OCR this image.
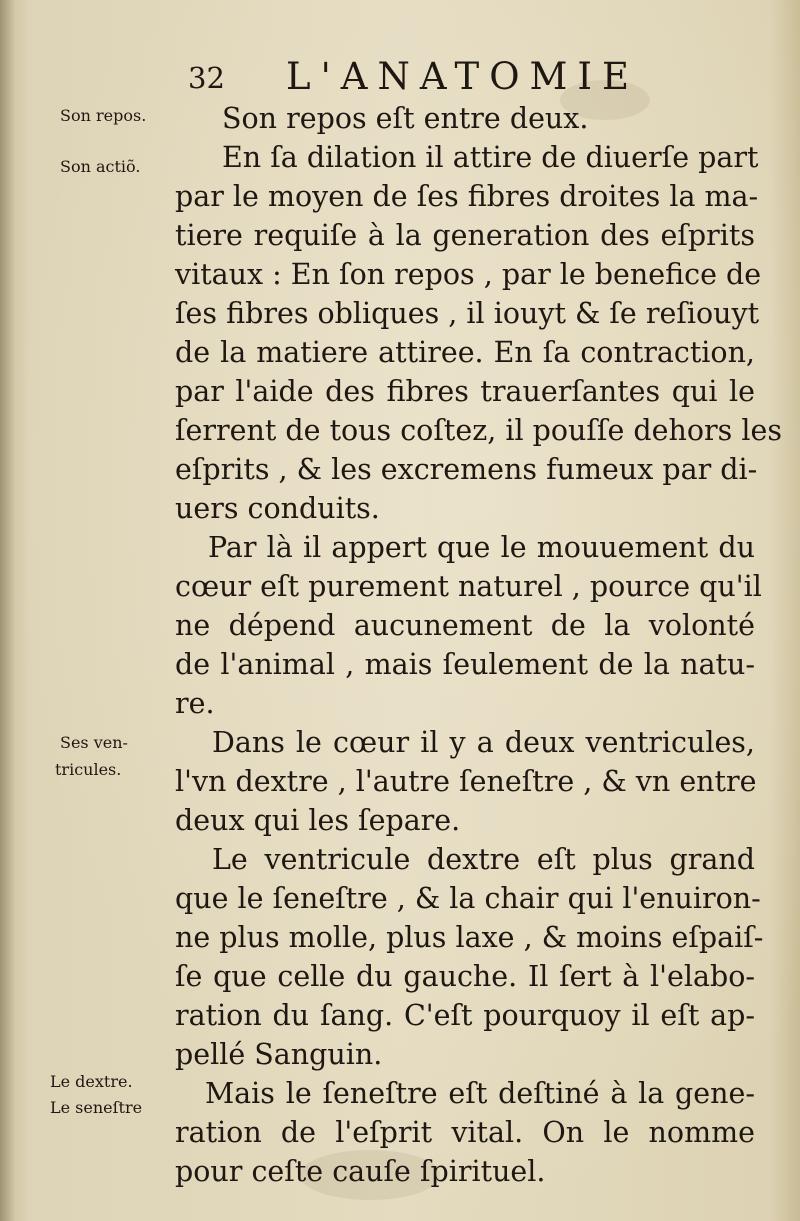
32 L'ANATOMIE
Son repos.
Son actiõ.
Ses ven-
tricules.
Le dextre.
Le seneſtre
Son repos eſt entre deux.
En ſa dilation il attire de diuerſe part
par le moyen de ſes fibres droites la ma-
tiere requiſe à la generation des eſprits
vitaux : En ſon repos , par le benefice de
ſes fibres obliques , il iouyt & ſe reſiouyt
de la matiere attiree. En ſa contraction,
par l'aide des fibres trauerſantes qui le
ſerrent de tous coſtez, il pouſſe dehors les
eſprits , & les excremens fumeux par di-
uers conduits.
Par là il appert que le mouuement du
cœur eſt purement naturel , pource qu'il
ne dépend aucunement de la volonté
de l'animal , mais ſeulement de la natu-
re.
Dans le cœur il y a deux ventricules,
l'vn dextre , l'autre ſeneſtre , & vn entre
deux qui les ſepare.
Le ventricule dextre eſt plus grand
que le ſeneſtre , & la chair qui l'enuiron-
ne plus molle, plus laxe , & moins eſpaiſ-
ſe que celle du gauche. Il ſert à l'elabo-
ration du ſang. C'eſt pourquoy il eſt ap-
pellé Sanguin.
Mais le ſeneſtre eſt deſtiné à la gene-
ration de l'eſprit vital. On le nomme
pour ceſte cauſe ſpirituel.
